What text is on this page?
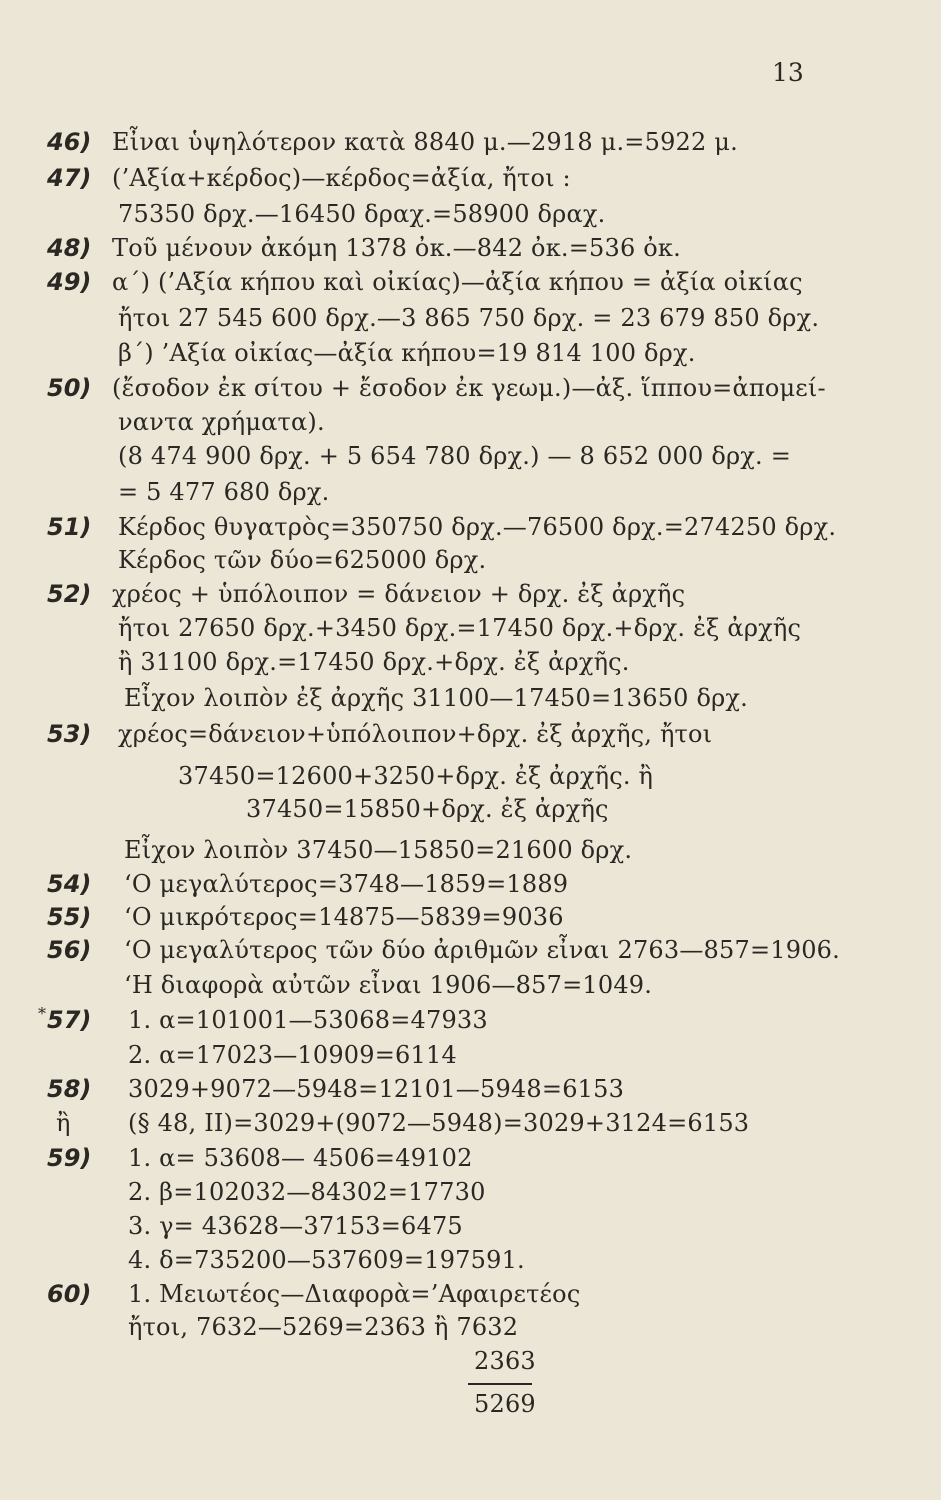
13
46) Εἶναι ὑψηλότερον κατὰ 8840 μ.—2918 μ.=5922 μ.
47) (’Αξία+κέρδος)—κέρδος=ἀξία, ἤτοι :
75350 δρχ.—16450 δραχ.=58900 δραχ.
48) Τοῦ μένουν ἀκόμη 1378 ὀκ.—842 ὀκ.=536 ὀκ.
49) α΄) (’Αξία κήπου καὶ οἰκίας)—ἀξία κήπου = ἀξία οἰκίας
ἤτοι 27 545 600 δρχ.—3 865 750 δρχ. = 23 679 850 δρχ.
β΄) ’Αξία οἰκίας—ἀξία κήπου=19 814 100 δρχ.
50) (ἔσοδον ἐκ σίτου + ἔσοδον ἐκ γεωμ.)—ἀξ. ἵππου=ἀπομεί-
ναντα χρήματα).
(8 474 900 δρχ. + 5 654 780 δρχ.) — 8 652 000 δρχ. =
= 5 477 680 δρχ.
51) Κέρδος θυγατρὸς=350750 δρχ.—76500 δρχ.=274250 δρχ.
Κέρδος τῶν δύο=625000 δρχ.
52) χρέος + ὑπόλοιπον = δάνειον + δρχ. ἐξ ἀρχῆς
ἤτοι 27650 δρχ.+3450 δρχ.=17450 δρχ.+δρχ. ἐξ ἀρχῆς
ἢ 31100 δρχ.=17450 δρχ.+δρχ. ἐξ ἀρχῆς.
Εἶχον λοιπὸν ἐξ ἀρχῆς 31100—17450=13650 δρχ.
53) χρέος=δάνειον+ὑπόλοιπον+δρχ. ἐξ ἀρχῆς, ἤτοι
37450=12600+3250+δρχ. ἐξ ἀρχῆς. ἢ
37450=15850+δρχ. ἐξ ἀρχῆς
Εἶχον λοιπὸν 37450—15850=21600 δρχ.
54) ‘Ο μεγαλύτερος=3748—1859=1889
55) ‘Ο μικρότερος=14875—5839=9036
56) ‘Ο μεγαλύτερος τῶν δύο ἀριθμῶν εἶναι 2763—857=1906.
‘Η διαφορὰ αὐτῶν εἶναι 1906—857=1049.
* 57) 1. α=101001—53068=47933
2. α=17023—10909=6114
58) 3029+9072—5948=12101—5948=6153
ἢ (§ 48, II)=3029+(9072—5948)=3029+3124=6153
59) 1. α= 53608— 4506=49102
2. β=102032—84302=17730
3. γ= 43628—37153=6475
4. δ=735200—537609=197591.
60) 1. Μειωτέος—Διαφορὰ=’Αφαιρετέος
ἤτοι, 7632—5269=2363 ἢ 7632
2363
5269
